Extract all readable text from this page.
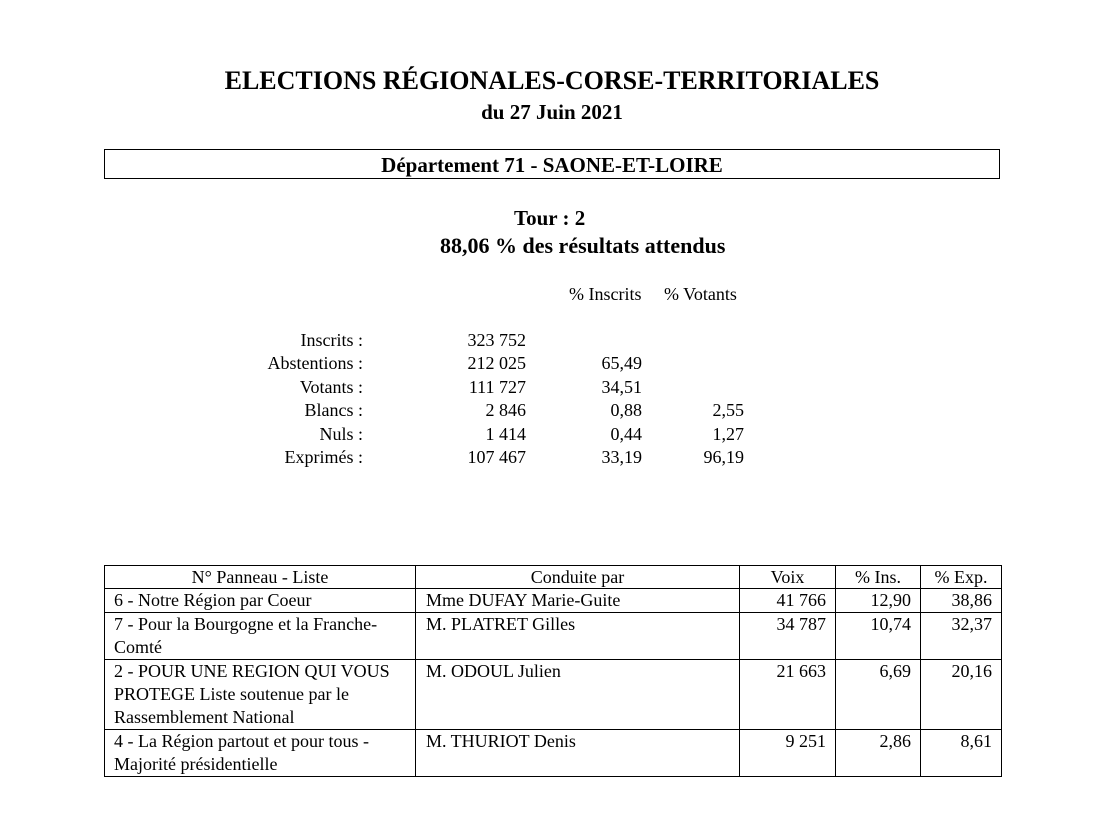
ELECTIONS RÉGIONALES-CORSE-TERRITORIALES
du 27 Juin 2021
Département 71 - SAONE-ET-LOIRE
Tour : 2
88,06 % des résultats attendus
% Inscrits % Votants
Inscrits :	323 752
Abstentions :	212 025	65,49
Votants :	111 727	34,51
Blancs :	2 846	0,88	2,55
Nuls :	1 414	0,44	1,27
Exprimés :	107 467	33,19	96,19
N° Panneau - Liste	Conduite par	Voix	% Ins.	% Exp.
6 - Notre Région par Coeur	Mme DUFAY Marie-Guite	41 766	12,90	38,86
7 - Pour la Bourgogne et la Franche-Comté	M. PLATRET Gilles	34 787	10,74	32,37
2 - POUR UNE REGION QUI VOUS PROTEGE Liste soutenue par le Rassemblement National	M. ODOUL Julien	21 663	6,69	20,16
4 - La Région partout et pour tous - Majorité présidentielle	M. THURIOT Denis	9 251	2,86	8,61
